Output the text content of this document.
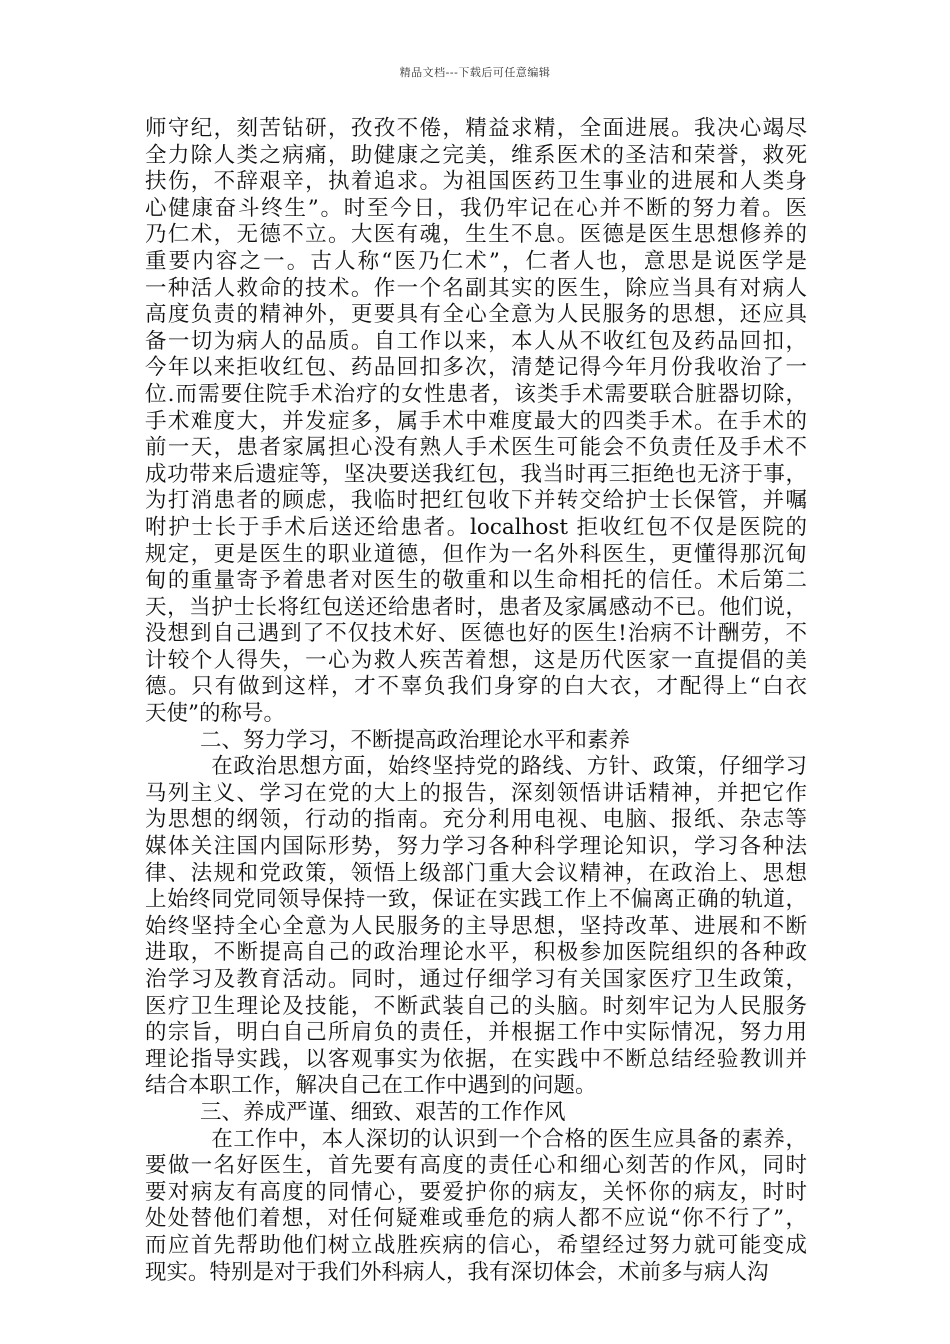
精品文档---下载后可任意编辑
师守纪，刻苦钻研，孜孜不倦，精益求精，全面进展。我决心竭尽
全力除人类之病痛，助健康之完美，维系医术的圣洁和荣誉，救死
扶伤，不辞艰辛，执着追求。为祖国医药卫生事业的进展和人类身
心健康奋斗终生”。时至今日，我仍牢记在心并不断的努力着。医
乃仁术，无德不立。大医有魂，生生不息。医德是医生思想修养的
重要内容之一。古人称“医乃仁术”，仁者人也，意思是说医学是
一种活人救命的技术。作一个名副其实的医生，除应当具有对病人
高度负责的精神外，更要具有全心全意为人民服务的思想，还应具
备一切为病人的品质。自工作以来，本人从不收红包及药品回扣，
今年以来拒收红包、药品回扣多次，清楚记得今年月份我收治了一
位.而需要住院手术治疗的女性患者，该类手术需要联合脏器切除，
手术难度大，并发症多，属手术中难度最大的四类手术。在手术的
前一天，患者家属担心没有熟人手术医生可能会不负责任及手术不
成功带来后遗症等，坚决要送我红包，我当时再三拒绝也无济于事，
为打消患者的顾虑，我临时把红包收下并转交给护士长保管，并嘱
咐护士长于手术后送还给患者。localhost 拒收红包不仅是医院的
规定，更是医生的职业道德，但作为一名外科医生，更懂得那沉甸
甸的重量寄予着患者对医生的敬重和以生命相托的信任。术后第二
天，当护士长将红包送还给患者时，患者及家属感动不已。他们说，
没想到自己遇到了不仅技术好、医德也好的医生!治病不计酬劳，不
计较个人得失，一心为救人疾苦着想，这是历代医家一直提倡的美
德。只有做到这样，才不辜负我们身穿的白大衣，才配得上“白衣
天使”的称号。
二、努力学习，不断提高政治理论水平和素养
　　　在政治思想方面，始终坚持党的路线、方针、政策，仔细学习
马列主义、学习在党的大上的报告，深刻领悟讲话精神，并把它作
为思想的纲领，行动的指南。充分利用电视、电脑、报纸、杂志等
媒体关注国内国际形势，努力学习各种科学理论知识，学习各种法
律、法规和党政策，领悟上级部门重大会议精神，在政治上、思想
上始终同党同领导保持一致，保证在实践工作上不偏离正确的轨道，
始终坚持全心全意为人民服务的主导思想，坚持改革、进展和不断
进取，不断提高自己的政治理论水平，积极参加医院组织的各种政
治学习及教育活动。同时，通过仔细学习有关国家医疗卫生政策，
医疗卫生理论及技能，不断武装自己的头脑。时刻牢记为人民服务
的宗旨，明白自己所肩负的责任，并根据工作中实际情况，努力用
理论指导实践，以客观事实为依据，在实践中不断总结经验教训并
结合本职工作，解决自己在工作中遇到的问题。
三、养成严谨、细致、艰苦的工作作风
　　　在工作中，本人深切的认识到一个合格的医生应具备的素养，
要做一名好医生，首先要有高度的责任心和细心刻苦的作风，同时
要对病友有高度的同情心，要爱护你的病友，关怀你的病友，时时
处处替他们着想，对任何疑难或垂危的病人都不应说“你不行了”，
而应首先帮助他们树立战胜疾病的信心，希望经过努力就可能变成
现实。特别是对于我们外科病人，我有深切体会，术前多与病人沟
